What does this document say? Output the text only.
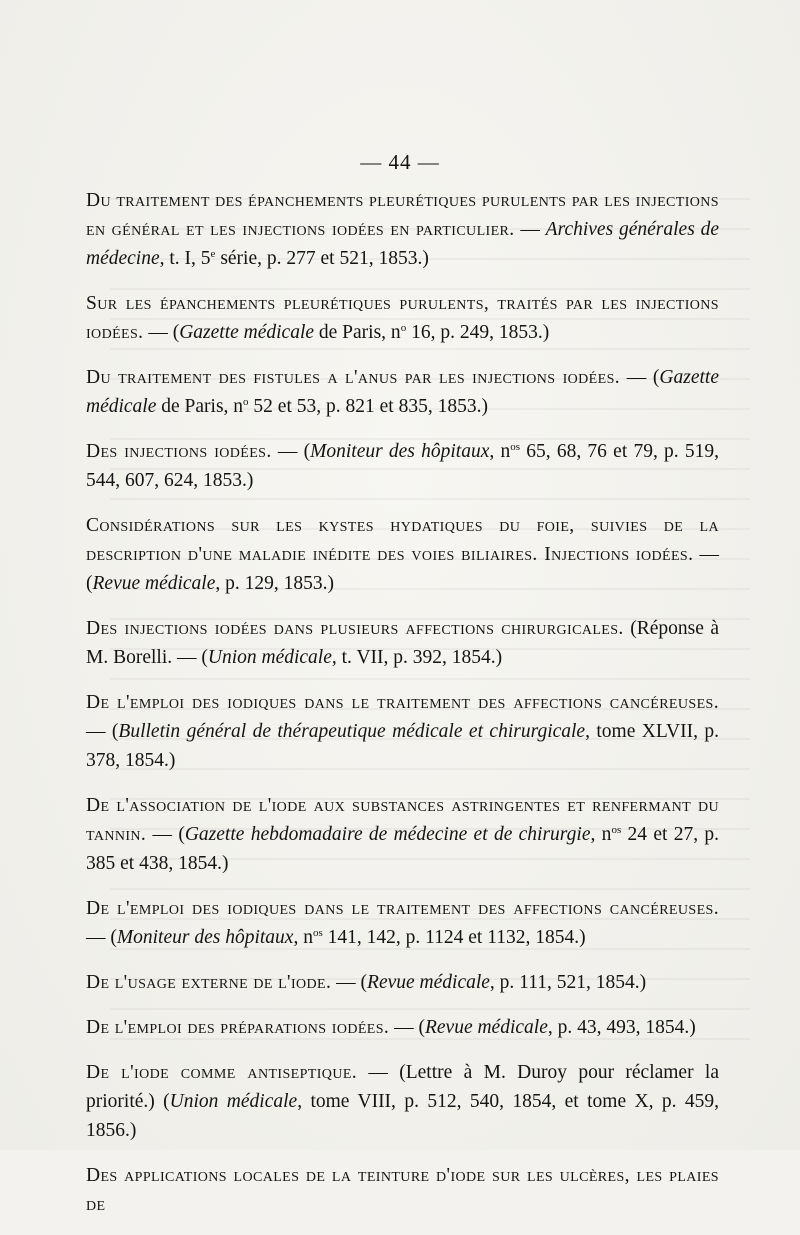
— 44 —

Du traitement des épanchements pleurétiques purulents par les injections en général et les injections iodées en particulier. — Archives générales de médecine, t. I, 5e série, p. 277 et 521, 1853.)

Sur les épanchements pleurétiques purulents, traités par les injections iodées. — (Gazette médicale de Paris, $n^o$ 16, p. 249, 1853.)

Du traitement des fistules a l'anus par les injections iodées. — (Gazette médicale de Paris, $n^o$ 52 et 53, p. 821 et 835, 1853.)

Des injections iodées. — (Moniteur des hôpitaux, $n^{os}$ 65, 68, 76 et 79, p. 519, 544, 607, 624, 1853.)

Considérations sur les kystes hydatiques du foie, suivies de la description d'une maladie inédite des voies biliaires. Injections iodées. — (Revue médicale, p. 129, 1853.)

Des injections iodées dans plusieurs affections chirurgicales. (Réponse à M. Borelli. — (Union médicale, t. VII, p. 392, 1854.)

De l'emploi des iodiques dans le traitement des affections cancéreuses. — (Bulletin général de thérapeutique médicale et chirurgicale, tome XLVII, p. 378, 1854.)

De l'association de l'iode aux substances astringentes et renfermant du tannin. — (Gazette hebdomadaire de médecine et de chirurgie, $n^{os}$ 24 et 27, p. 385 et 438, 1854.)

De l'emploi des iodiques dans le traitement des affections cancéreuses. — (Moniteur des hôpitaux, $n^{os}$ 141, 142, p. 1124 et 1132, 1854.)

De l'usage externe de l'iode. — (Revue médicale, p. 111, 521, 1854.)

De l'emploi des préparations iodées. — (Revue médicale, p. 43, 493, 1854.)

De l'iode comme antiseptique. — (Lettre à M. Duroy pour réclamer la priorité.) (Union médicale, tome VIII, p. 512, 540, 1854, et tome X, p. 459, 1856.)

Des applications locales de la teinture d'iode sur les ulcères, les plaies de
